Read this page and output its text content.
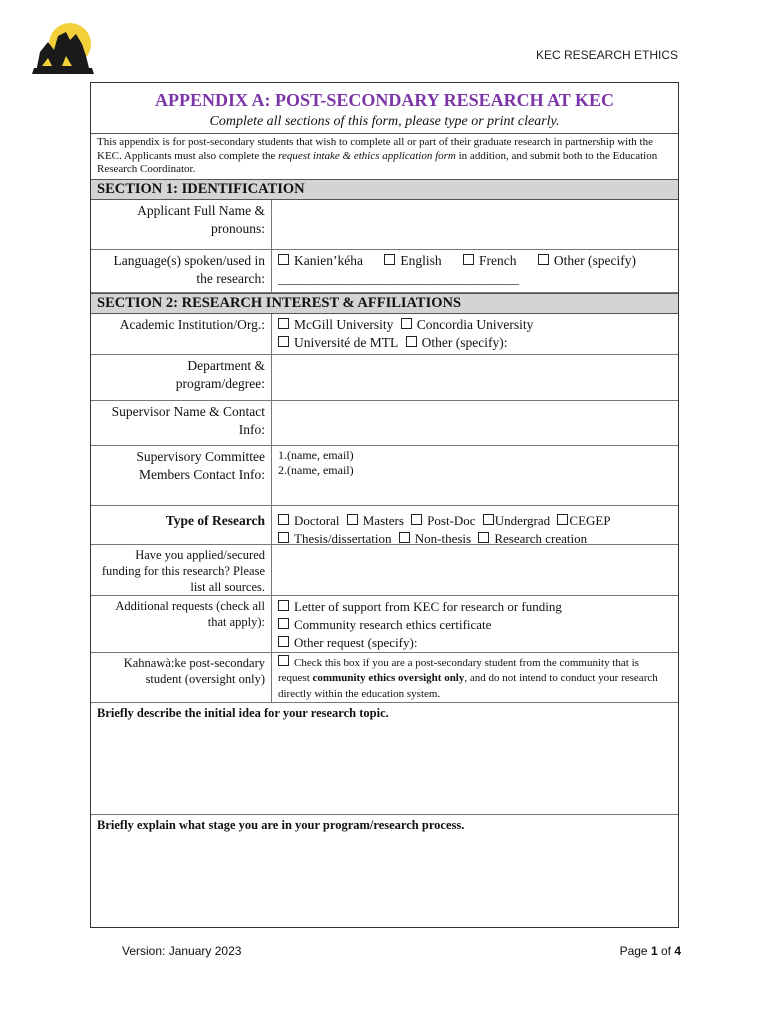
KEC RESEARCH ETHICS
APPENDIX A: POST-SECONDARY RESEARCH AT KEC
Complete all sections of this form, please type or print clearly.
This appendix is for post-secondary students that wish to complete all or part of their graduate research in partnership with the KEC. Applicants must also complete the request intake & ethics application form in addition, and submit both to the Education Research Coordinator.
SECTION 1: IDENTIFICATION
Applicant Full Name & pronouns:
Language(s) spoken/used in the research:
Kanien’kéha	English	French	Other (specify)
________________________________________________
SECTION 2: RESEARCH INTEREST & AFFILIATIONS
Academic Institution/Org.:	McGill University Concordia University
Université de MTL Other (specify):
Department & program/degree:
Supervisor Name & Contact Info:
Supervisory Committee Members Contact Info:
1.(name, email)
2.(name, email)
Type of Research	Doctoral Masters Post-Doc Undergrad CEGEP
Thesis/dissertation Non-thesis Research creation
Have you applied/secured funding for this research? Please list all sources.
Additional requests (check all that apply):
Letter of support from KEC for research or funding
Community research ethics certificate
Other request (specify):
Kahnawà:ke post-secondary student (oversight only)
Check this box if you are a post-secondary student from the community that is request community ethics oversight only, and do not intend to conduct your research directly within the education system.
Briefly describe the initial idea for your research topic.
Briefly explain what stage you are in your program/research process.
Version: January 2023	Page 1 of 4
